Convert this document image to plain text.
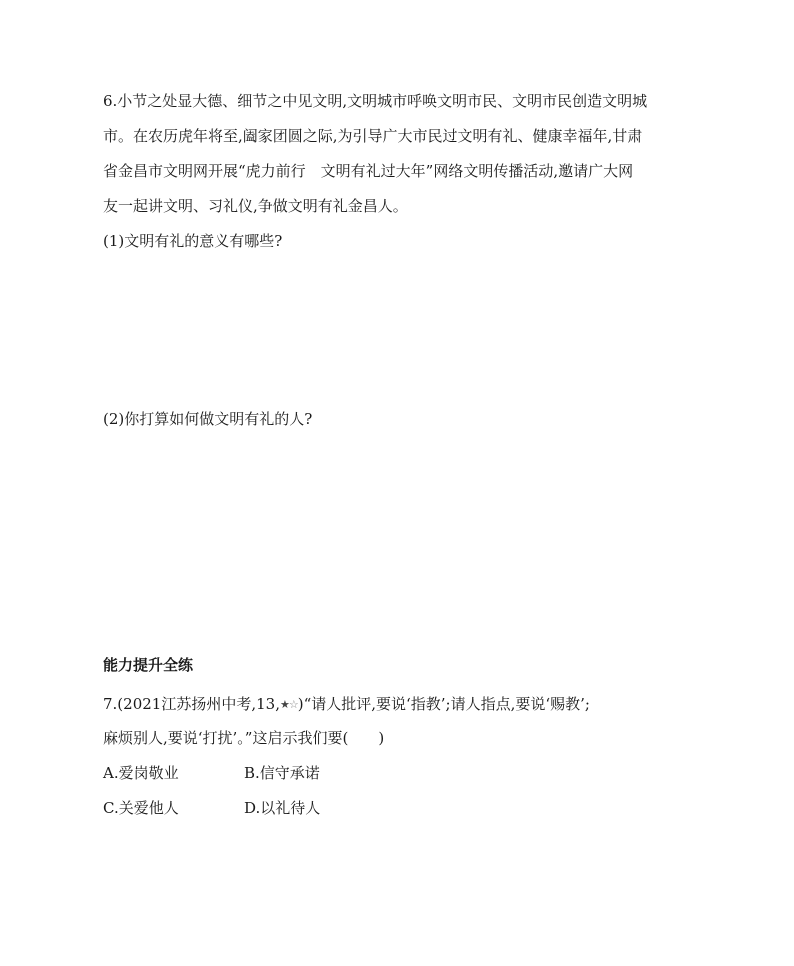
6.小节之处显大德、细节之中见文明,文明城市呼唤文明市民、文明市民创造文明城
市。在农历虎年将至,阖家团圆之际,为引导广大市民过文明有礼、健康幸福年,甘肃
省金昌市文明网开展“虎力前行　文明有礼过大年”网络文明传播活动,邀请广大网
友一起讲文明、习礼仪,争做文明有礼金昌人。
(1)文明有礼的意义有哪些?
(2)你打算如何做文明有礼的人?
能力提升全练
7.(2021江苏扬州中考,13,★☆)“请人批评,要说‘指教’;请人指点,要说‘赐教’;
麻烦别人,要说‘打扰’。”这启示我们要(　　)
A.爱岗敬业	B.信守承诺
C.关爱他人	D.以礼待人
